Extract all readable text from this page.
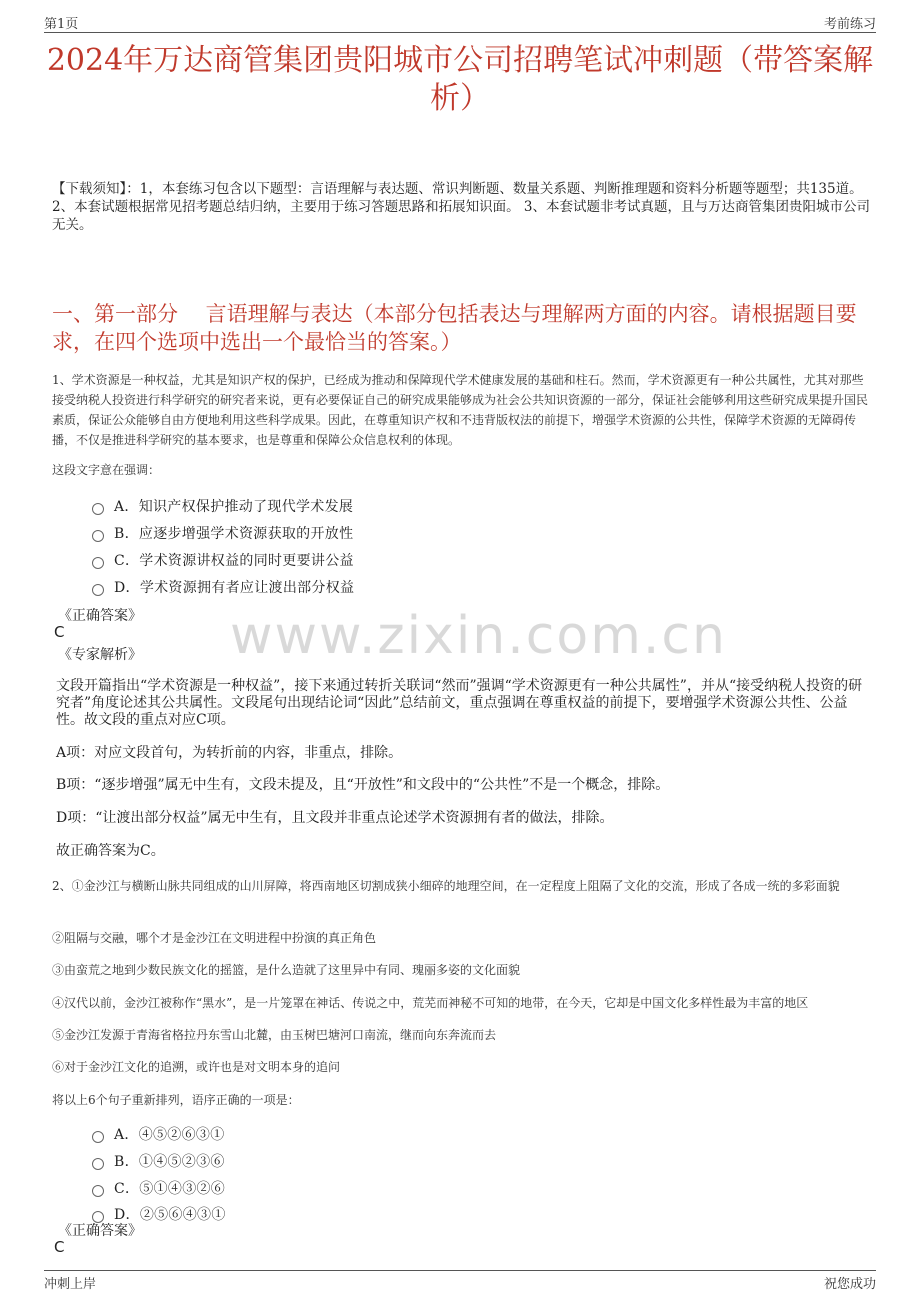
第1页	考前练习
2024年万达商管集团贵阳城市公司招聘笔试冲刺题（带答案解析）
【下载须知】：1，本套练习包含以下题型：言语理解与表达题、常识判断题、数量关系题、判断推理题和资料分析题等题型；共135道。 2、本套试题根据常见招考题总结归纳，主要用于练习答题思路和拓展知识面。 3、本套试题非考试真题，且与万达商管集团贵阳城市公司无关。
一、第一部分　 言语理解与表达（本部分包括表达与理解两方面的内容。请根据题目要求，在四个选项中选出一个最恰当的答案。）
1、学术资源是一种权益，尤其是知识产权的保护，已经成为推动和保障现代学术健康发展的基础和柱石。然而，学术资源更有一种公共属性，尤其对那些接受纳税人投资进行科学研究的研究者来说，更有必要保证自己的研究成果能够成为社会公共知识资源的一部分，保证社会能够利用这些研究成果提升国民素质，保证公众能够自由方便地利用这些科学成果。因此，在尊重知识产权和不违背版权法的前提下，增强学术资源的公共性，保障学术资源的无障碍传播，不仅是推进科学研究的基本要求，也是尊重和保障公众信息权利的体现。
这段文字意在强调：
A．知识产权保护推动了现代学术发展
B．应逐步增强学术资源获取的开放性
C．学术资源讲权益的同时更要讲公益
D．学术资源拥有者应让渡出部分权益
www.zixin.com.cn
《正确答案》
C
《专家解析》
文段开篇指出“学术资源是一种权益”，接下来通过转折关联词“然而”强调“学术资源更有一种公共属性”，并从“接受纳税人投资的研究者”角度论述其公共属性。文段尾句出现结论词“因此”总结前文，重点强调在尊重权益的前提下，要增强学术资源公共性、公益性。故文段的重点对应C项。
A项：对应文段首句，为转折前的内容，非重点，排除。
B项：“逐步增强”属无中生有，文段未提及，且“开放性”和文段中的“公共性”不是一个概念，排除。
D项：“让渡出部分权益”属无中生有，且文段并非重点论述学术资源拥有者的做法，排除。
故正确答案为C。
2、①金沙江与横断山脉共同组成的山川屏障，将西南地区切割成狭小细碎的地理空间，在一定程度上阻隔了文化的交流，形成了各成一统的多彩面貌
②阻隔与交融，哪个才是金沙江在文明进程中扮演的真正角色
③由蛮荒之地到少数民族文化的摇篮，是什么造就了这里异中有同、瑰丽多姿的文化面貌
④汉代以前，金沙江被称作“黑水”，是一片笼罩在神话、传说之中，荒芜而神秘不可知的地带，在今天，它却是中国文化多样性最为丰富的地区
⑤金沙江发源于青海省格拉丹东雪山北麓，由玉树巴塘河口南流，继而向东奔流而去
⑥对于金沙江文化的追溯，或许也是对文明本身的追问
将以上6个句子重新排列，语序正确的一项是：
A．④⑤②⑥③①
B．①④⑤②③⑥
C．⑤①④③②⑥
D．②⑤⑥④③①
《正确答案》
C
冲刺上岸	祝您成功
